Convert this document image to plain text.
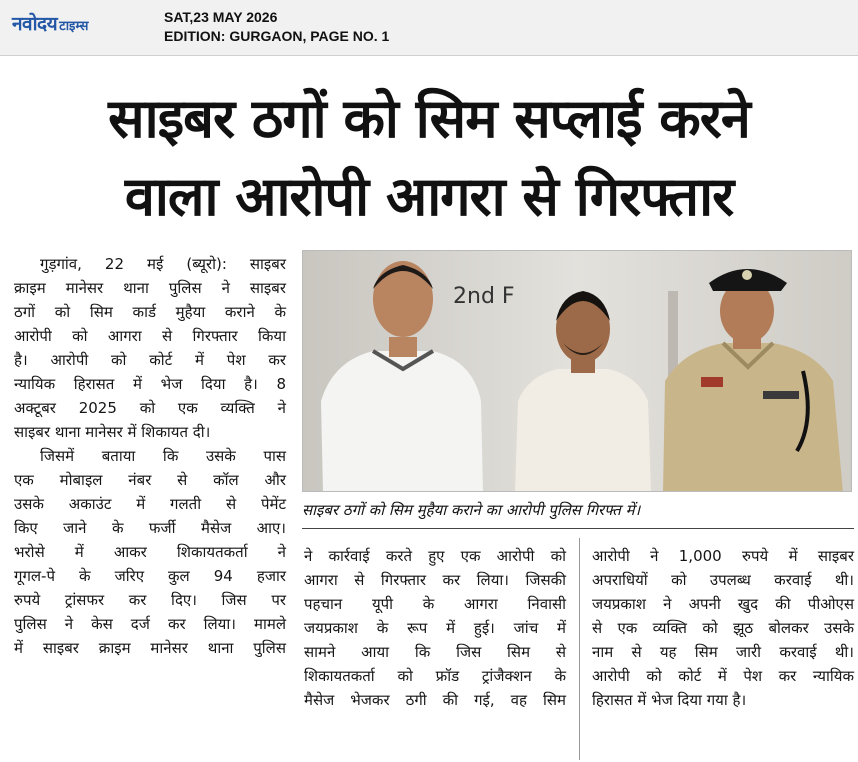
नवोदय टाइम्स
SAT,23 MAY 2026
EDITION: GURGAON, PAGE NO. 1
साइबर ठगों को सिम सप्लाई करने
वाला आरोपी आगरा से गिरफ्तार

गुड़गांव, 22 मई (ब्यूरो): साइबर

क्राइम मानेसर थाना पुलिस ने साइबर

ठगों को सिम कार्ड मुहैया कराने के

आरोपी को आगरा से गिरफ्तार किया

है। आरोपी को कोर्ट में पेश कर

न्यायिक हिरासत में भेज दिया है। 8

अक्टूबर 2025 को एक व्यक्ति ने

साइबर थाना मानेसर में शिकायत दी।

जिसमें बताया कि उसके पास

एक मोबाइल नंबर से कॉल और

उसके अकाउंट में गलती से पेमेंट

किए जाने के फर्जी मैसेज आए।

भरोसे में आकर शिकायतकर्ता ने

गूगल-पे के जरिए कुल 94 हजार

रुपये ट्रांसफर कर दिए। जिस पर

पुलिस ने केस दर्ज कर लिया। मामले

में साइबर क्राइम मानेसर थाना पुलिस

2nd F
साइबर ठगों को सिम मुहैया कराने का आरोपी पुलिस गिरफ्त में।

ने कार्रवाई करते हुए एक आरोपी को

आगरा से गिरफ्तार कर लिया। जिसकी

पहचान यूपी के आगरा निवासी

जयप्रकाश के रूप में हुई। जांच में

सामने आया कि जिस सिम से

शिकायतकर्ता को फ्रॉड ट्रांजैक्शन के

मैसेज भेजकर ठगी की गई, वह सिम

आरोपी ने 1,000 रुपये में साइबर

अपराधियों को उपलब्ध करवाई थी।

जयप्रकाश ने अपनी खुद की पीओएस

से एक व्यक्ति को झूठ बोलकर उसके

नाम से यह सिम जारी करवाई थी।

आरोपी को कोर्ट में पेश कर न्यायिक

हिरासत में भेज दिया गया है।
